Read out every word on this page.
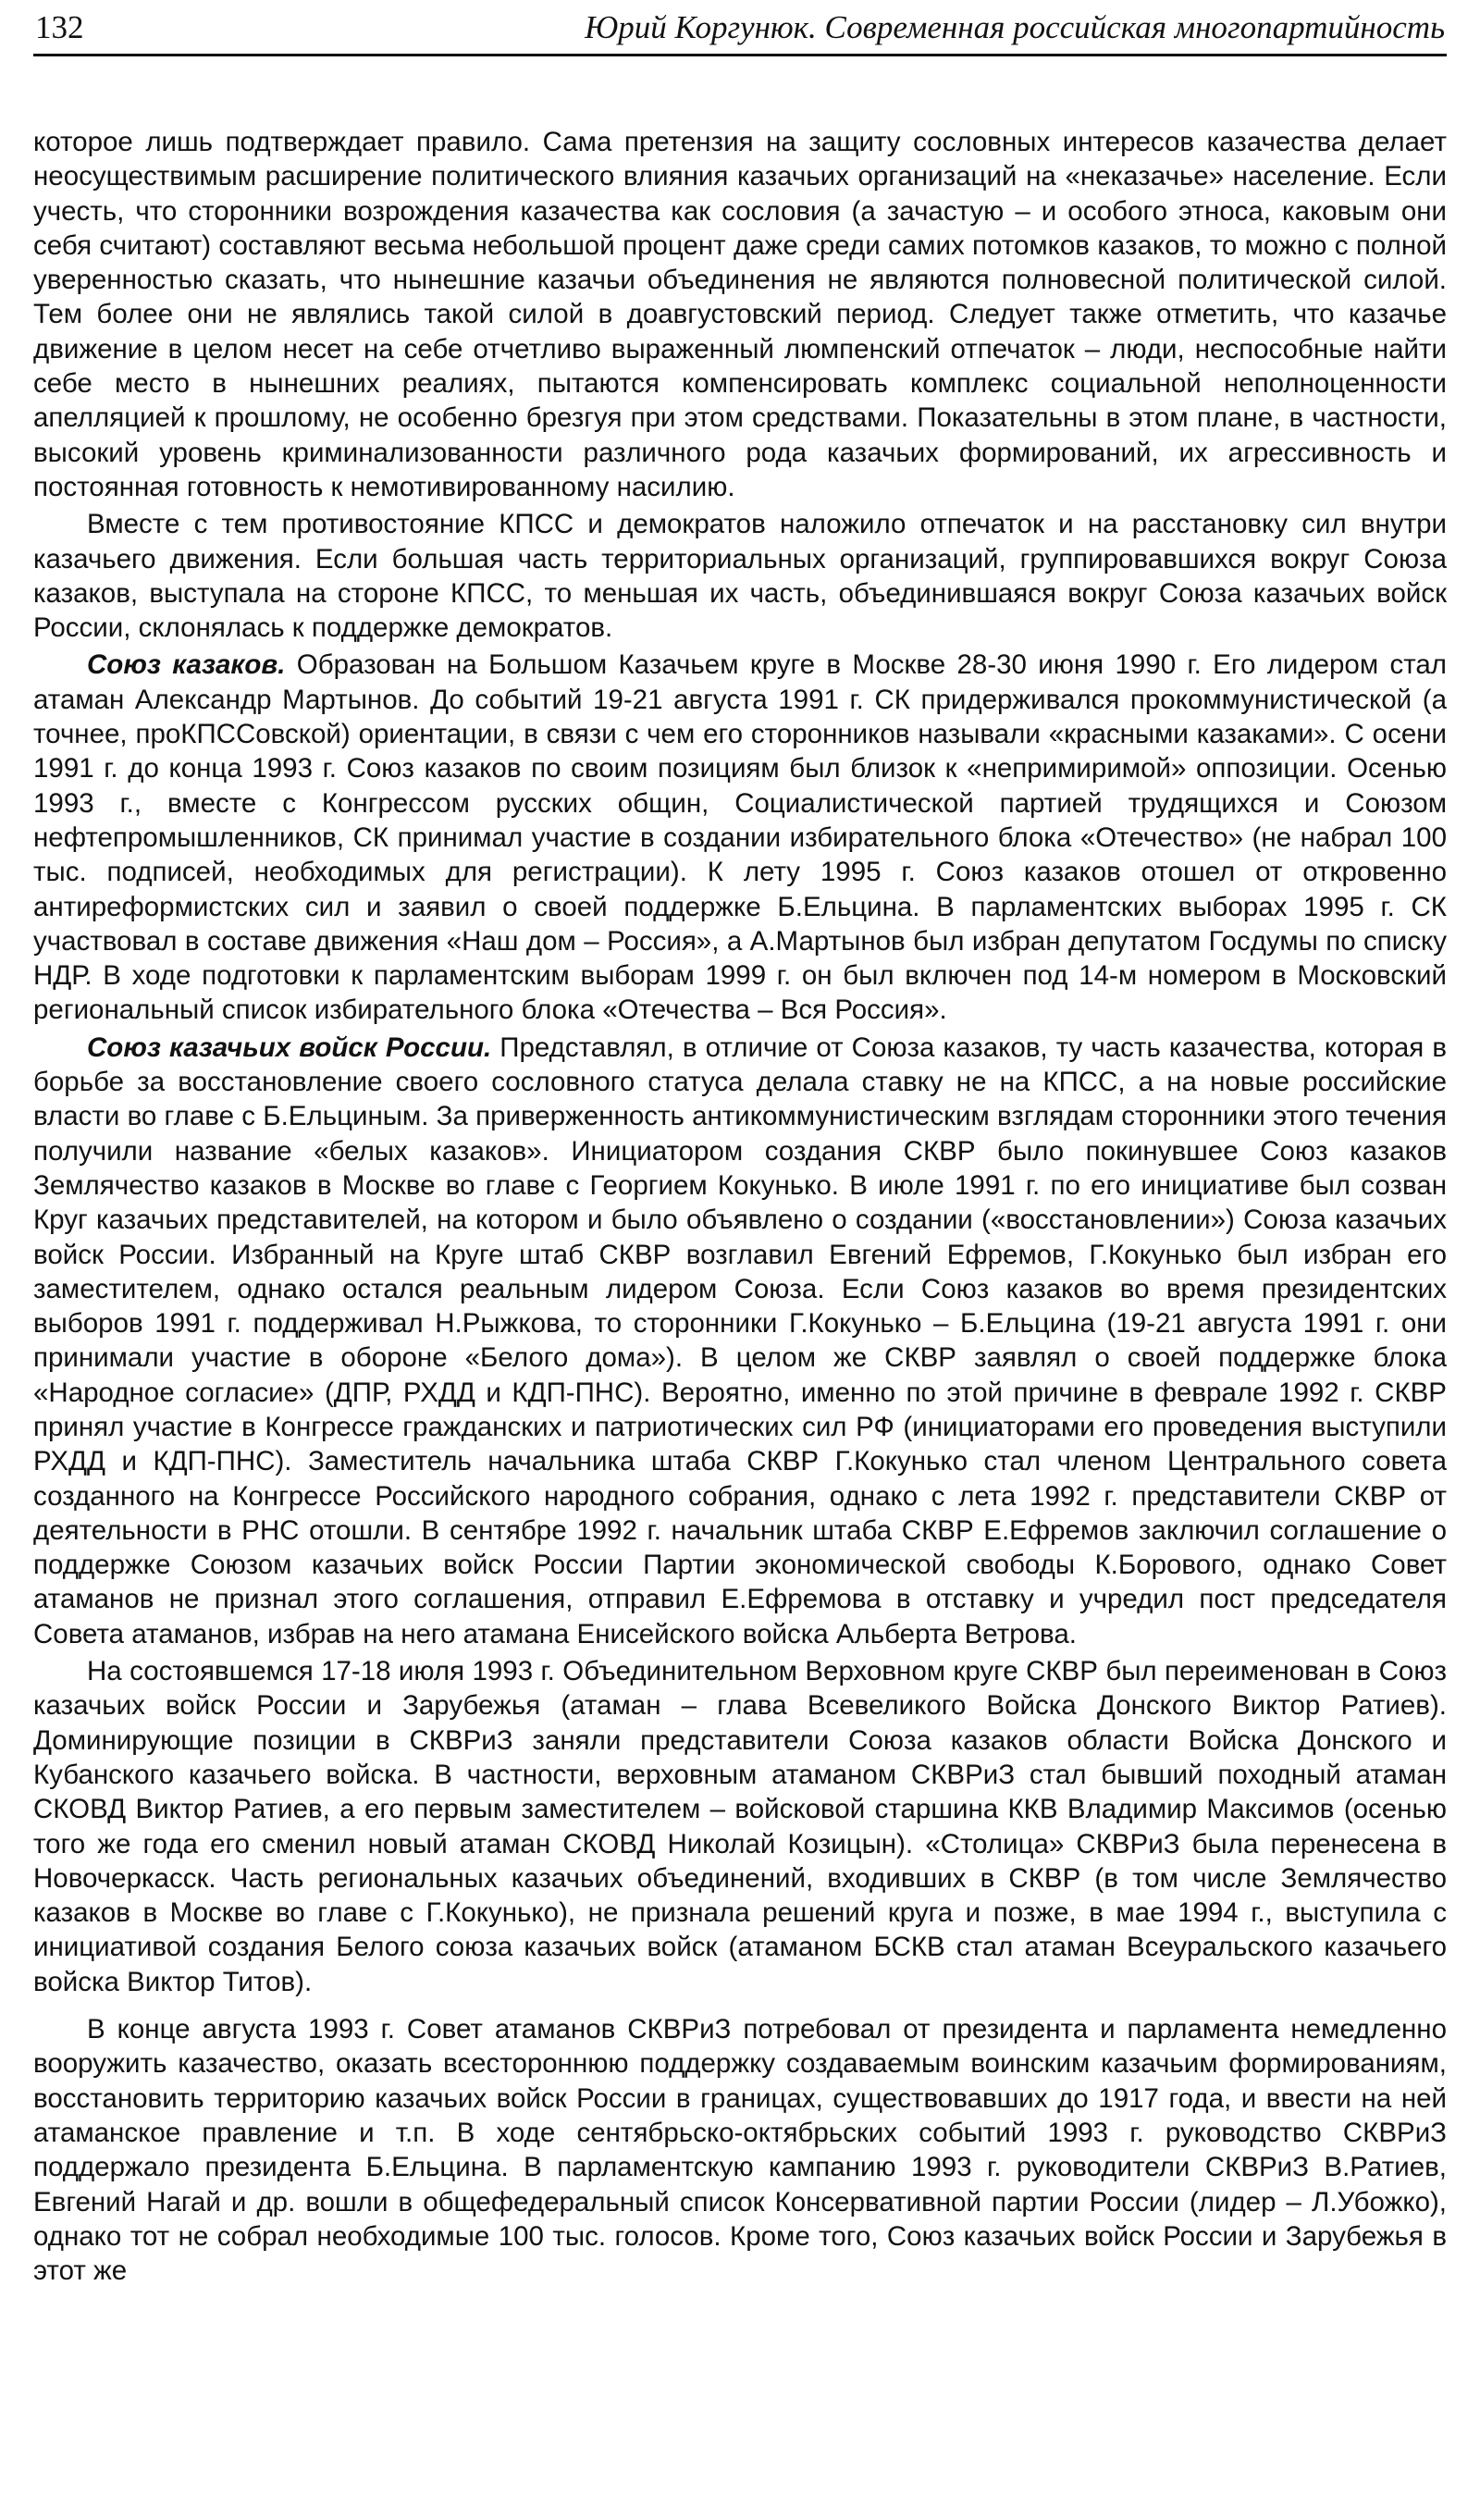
132	Юрий Коргунюк. Современная российская многопартийность

которое лишь подтверждает правило. Сама претензия на защиту сословных интересов казачества делает неосуществимым расширение политического влияния казачьих организаций на «неказачье» население. Если учесть, что сторонники возрождения казачества как сословия (а зачастую – и особого этноса, каковым они себя считают) составляют весьма небольшой процент даже среди самих потомков казаков, то можно с полной уверенностью сказать, что нынешние казачьи объединения не являются полновесной политической силой. Тем более они не являлись такой силой в доавгустовский период. Следует также отметить, что казачье движение в целом несет на себе отчетливо выраженный люмпенский отпечаток – люди, неспособные найти себе место в нынешних реалиях, пытаются компенсировать комплекс социальной неполноценности апелляцией к прошлому, не особенно брезгуя при этом средствами. Показательны в этом плане, в частности, высокий уровень криминализованности различного рода казачьих формирований, их агрессивность и постоянная готовность к немотивированному насилию.

Вместе с тем противостояние КПСС и демократов наложило отпечаток и на расстановку сил внутри казачьего движения. Если большая часть территориальных организаций, группировавшихся вокруг Союза казаков, выступала на стороне КПСС, то меньшая их часть, объединившаяся вокруг Союза казачьих войск России, склонялась к поддержке демократов.

Союз казаков. Образован на Большом Казачьем круге в Москве 28-30 июня 1990 г. Его лидером стал атаман Александр Мартынов. До событий 19-21 августа 1991 г. СК придерживался прокоммунистической (а точнее, проКПССовской) ориентации, в связи с чем его сторонников называли «красными казаками». С осени 1991 г. до конца 1993 г. Союз казаков по своим позициям был близок к «непримиримой» оппозиции. Осенью 1993 г., вместе с Конгрессом русских общин, Социалистической партией трудящихся и Союзом нефтепромышленников, СК принимал участие в создании избирательного блока «Отечество» (не набрал 100 тыс. подписей, необходимых для регистрации). К лету 1995 г. Союз казаков отошел от откровенно антиреформистских сил и заявил о своей поддержке Б.Ельцина. В парламентских выборах 1995 г. СК участвовал в составе движения «Наш дом – Россия», а А.Мартынов был избран депутатом Госдумы по списку НДР. В ходе подготовки к парламентским выборам 1999 г. он был включен под 14-м номером в Московский региональный список избирательного блока «Отечества – Вся Россия».

Союз казачьих войск России. Представлял, в отличие от Союза казаков, ту часть казачества, которая в борьбе за восстановление своего сословного статуса делала ставку не на КПСС, а на новые российские власти во главе с Б.Ельциным. За приверженность антикоммунистическим взглядам сторонники этого течения получили название «белых казаков». Инициатором создания СКВР было покинувшее Союз казаков Землячество казаков в Москве во главе с Георгием Кокунько. В июле 1991 г. по его инициативе был созван Круг казачьих представителей, на котором и было объявлено о создании («восстановлении») Союза казачьих войск России. Избранный на Круге штаб СКВР возглавил Евгений Ефремов, Г.Кокунько был избран его заместителем, однако остался реальным лидером Союза. Если Союз казаков во время президентских выборов 1991 г. поддерживал Н.Рыжкова, то сторонники Г.Кокунько – Б.Ельцина (19-21 августа 1991 г. они принимали участие в обороне «Белого дома»). В целом же СКВР заявлял о своей поддержке блока «Народное согласие» (ДПР, РХДД и КДП-ПНС). Вероятно, именно по этой причине в феврале 1992 г. СКВР принял участие в Конгрессе гражданских и патриотических сил РФ (инициаторами его проведения выступили РХДД и КДП-ПНС). Заместитель начальника штаба СКВР Г.Кокунько стал членом Центрального совета созданного на Конгрессе Российского народного собрания, однако с лета 1992 г. представители СКВР от деятельности в РНС отошли. В сентябре 1992 г. начальник штаба СКВР Е.Ефремов заключил соглашение о поддержке Союзом казачьих войск России Партии экономической свободы К.Борового, однако Совет атаманов не признал этого соглашения, отправил Е.Ефремова в отставку и учредил пост председателя Совета атаманов, избрав на него атамана Енисейского войска Альберта Ветрова.

На состоявшемся 17-18 июля 1993 г. Объединительном Верховном круге СКВР был переименован в Союз казачьих войск России и Зарубежья (атаман – глава Всевеликого Войска Донского Виктор Ратиев). Доминирующие позиции в СКВРиЗ заняли представители Союза казаков области Войска Донского и Кубанского казачьего войска. В частности, верховным атаманом СКВРиЗ стал бывший походный атаман СКОВД Виктор Ратиев, а его первым заместителем – войсковой старшина ККВ Владимир Максимов (осенью того же года его сменил новый атаман СКОВД Николай Козицын). «Столица» СКВРиЗ была перенесена в Новочеркасск. Часть региональных казачьих объединений, входивших в СКВР (в том числе Землячество казаков в Москве во главе с Г.Кокунько), не признала решений круга и позже, в мае 1994 г., выступила с инициативой создания Белого союза казачьих войск (атаманом БСКВ стал атаман Всеуральского казачьего войска Виктор Титов).

В конце августа 1993 г. Совет атаманов СКВРиЗ потребовал от президента и парламента немедленно вооружить казачество, оказать всестороннюю поддержку создаваемым воинским казачьим формированиям, восстановить территорию казачьих войск России в границах, существовавших до 1917 года, и ввести на ней атаманское правление и т.п. В ходе сентябрьско-октябрьских событий 1993 г. руководство СКВРиЗ поддержало президента Б.Ельцина. В парламентскую кампанию 1993 г. руководители СКВРиЗ В.Ратиев, Евгений Нагай и др. вошли в общефедеральный список Консервативной партии России (лидер – Л.Убожко), однако тот не собрал необходимые 100 тыс. голосов. Кроме того, Союз казачьих войск России и Зарубежья в этот же
